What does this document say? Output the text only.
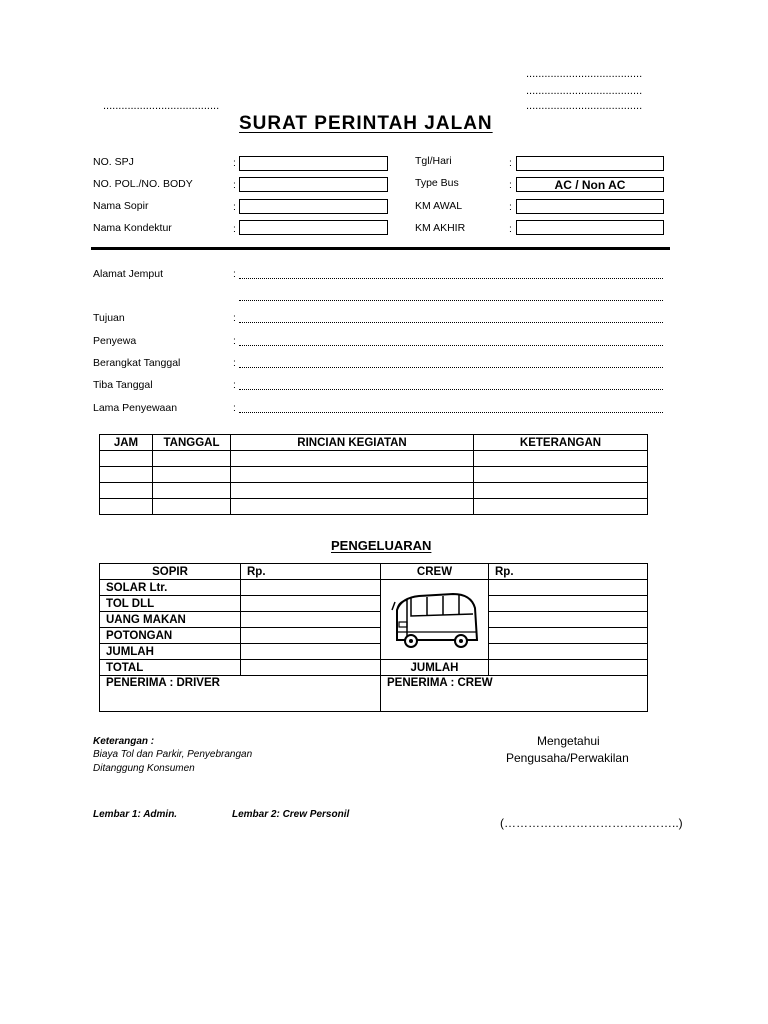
......................................
......................................
......................................
......................................
SURAT PERINTAH JALAN
NO. SPJ	:
NO. POL./NO. BODY	:
Nama Sopir	:
Nama Kondektur	:
Tgl/Hari	:
Type Bus	:	AC / Non AC
KM AWAL	:
KM AKHIR	:
Alamat Jemput	:
Tujuan	:
Penyewa	:
Berangkat Tanggal	:
Tiba Tanggal	:
Lama Penyewaan	:
JAM	TANGGAL	RINCIAN KEGIATAN	KETERANGAN

PENGELUARAN
SOPIR	Rp.	CREW	Rp.
SOLAR Ltr.		

TOL DLL			
UANG MAKAN			
POTONGAN			
JUMLAH			
TOTAL		JUMLAH	
PENERIMA : DRIVER		PENERIMA : CREW	
Keterangan :
Biaya Tol dan Parkir, Penyebrangan
Ditanggung Konsumen
Mengetahui
Pengusaha/Perwakilan
Lembar 1: Admin.	Lembar 2: Crew Personil
(……………………………………..)
